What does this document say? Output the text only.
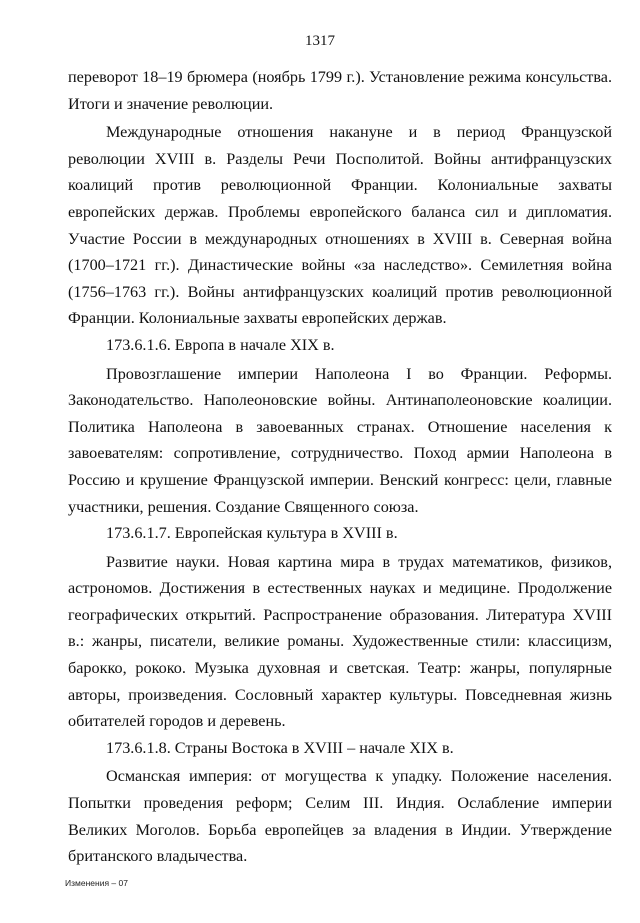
1317

переворот 18–19 брюмера (ноябрь 1799 г.). Установление режима консульства. Итоги и значение революции.

Международные отношения накануне и в период Французской революции XVIII в. Разделы Речи Посполитой. Войны антифранцузских коалиций против революционной Франции. Колониальные захваты европейских держав. Проблемы европейского баланса сил и дипломатия. Участие России в международных отношениях в XVIII в. Северная война (1700–1721 гг.). Династические войны «за наследство». Семилетняя война (1756–1763 гг.). Войны антифранцузских коалиций против революционной Франции. Колониальные захваты европейских держав.

173.6.1.6. Европа в начале XIX в.

Провозглашение империи Наполеона I во Франции. Реформы. Законодательство. Наполеоновские войны. Антинаполеоновские коалиции. Политика Наполеона в завоеванных странах. Отношение населения к завоевателям: сопротивление, сотрудничество. Поход армии Наполеона в Россию и крушение Французской империи. Венский конгресс: цели, главные участники, решения. Создание Священного союза.

173.6.1.7. Европейская культура в XVIII в.

Развитие науки. Новая картина мира в трудах математиков, физиков, астрономов. Достижения в естественных науках и медицине. Продолжение географических открытий. Распространение образования. Литература XVIII в.: жанры, писатели, великие романы. Художественные стили: классицизм, барокко, рококо. Музыка духовная и светская. Театр: жанры, популярные авторы, произведения. Сословный характер культуры. Повседневная жизнь обитателей городов и деревень.

173.6.1.8. Страны Востока в XVIII – начале XIX в.

Османская империя: от могущества к упадку. Положение населения. Попытки проведения реформ; Селим III. Индия. Ослабление империи Великих Моголов. Борьба европейцев за владения в Индии. Утверждение британского владычества.

Изменения – 07
